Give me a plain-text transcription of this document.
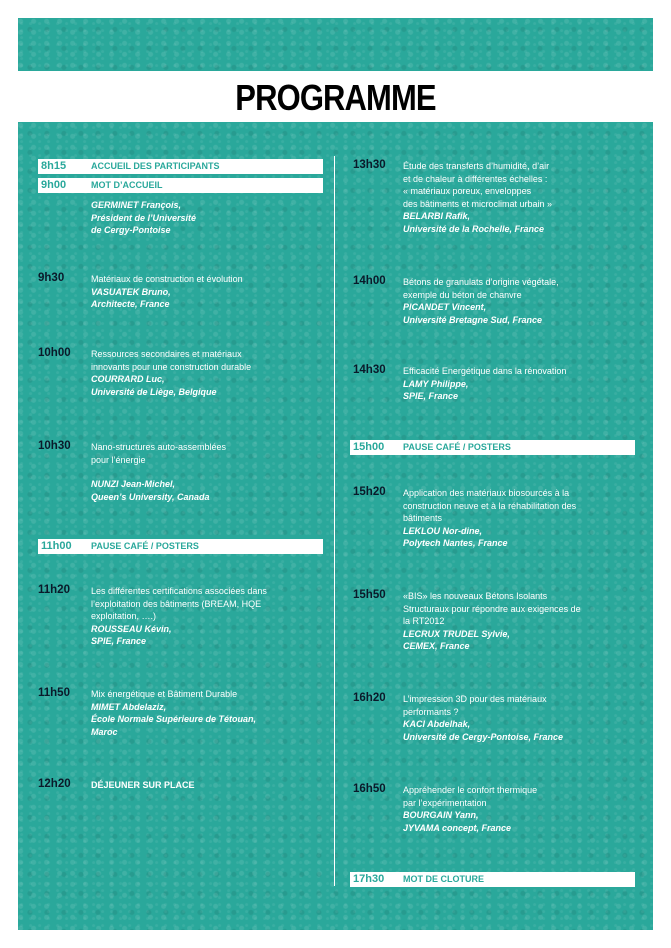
PROGRAMME
8h15	ACCUEIL DES PARTICIPANTS
9h00	MOT D’ACCUEIL
GERMINET François,
Président de l’Université
de Cergy-Pontoise
9h30	Matériaux de construction et évolution
VASUATEK Bruno,
Architecte, France
10h00 Ressources secondaires et matériaux
innovants pour une construction durable
COURRARD Luc,
Université de Liège, Belgique
10h30 Nano-structures auto-assemblées
pour l’énergie
NUNZI Jean-Michel,
Queen’s University, Canada
11h00 PAUSE CAFÉ / POSTERS
11h20 Les différentes certifications associées dans
l’exploitation des bâtiments (BREAM, HQE
exploitation, ….)
ROUSSEAU Kévin,
SPIE, France
11h50 Mix énergétique et Bâtiment Durable
MIMET Abdelaziz,
École Normale Supérieure de Tétouan,
Maroc
12h20 DÉJEUNER SUR PLACE
13h30 Étude des transferts d’humidité, d’air
et de chaleur à différentes échelles :
« matériaux poreux, enveloppes
des bâtiments et microclimat urbain »
BELARBI Rafik,
Université de la Rochelle, France
14h00 Bétons de granulats d’origine végétale,
exemple du béton de chanvre
PICANDET Vincent,
Université Bretagne Sud, France
14h30 Efficacité Energétique dans la rénovation
LAMY Philippe,
SPIE, France
15h00 PAUSE CAFÉ / POSTERS
15h20 Application des matériaux biosourcés à la
construction neuve et à la réhabilitation des
bâtiments
LEKLOU Nor-dine,
Polytech Nantes, France
15h50 «BIS» les nouveaux Bétons Isolants
Structuraux pour répondre aux exigences de
la RT2012
LECRUX TRUDEL Sylvie,
CEMEX, France
16h20 L’impression 3D pour des matériaux
performants ?
KACI Abdelhak,
Université de Cergy-Pontoise, France
16h50 Appréhender le confort thermique
par l’expérimentation
BOURGAIN Yann,
JYVAMA concept, France
17h30 MOT DE CLOTURE
